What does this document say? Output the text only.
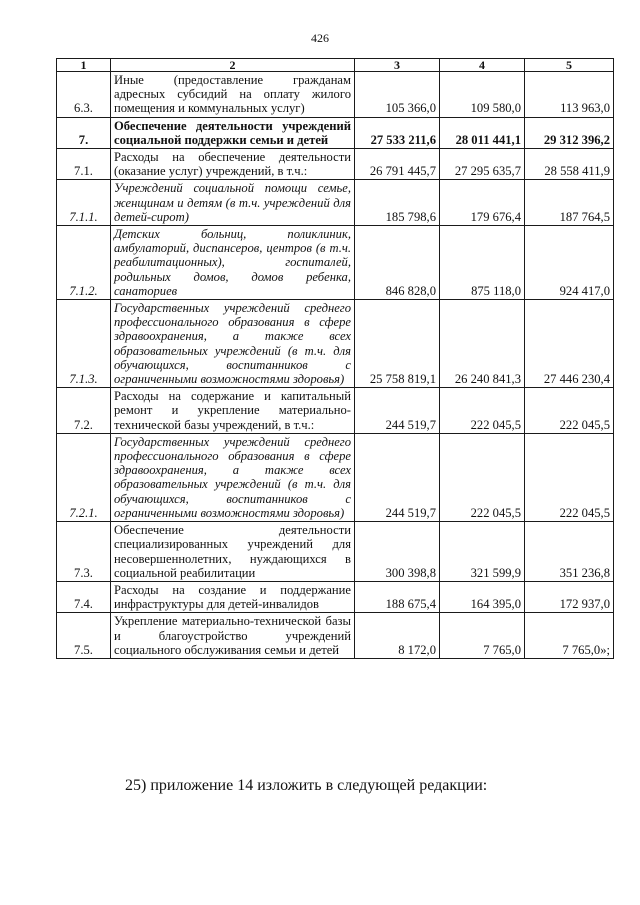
426
1	2	3	4	5
6.3.	Иные (предоставление гражданам адресных субсидий на оплату жилого помещения и коммунальных услуг)	105 366,0	109 580,0	113 963,0
7.	Обеспечение деятельности учреждений социальной поддержки семьи и детей	27 533 211,6	28 011 441,1	29 312 396,2
7.1.	Расходы на обеспечение деятельности (оказание услуг) учреждений, в т.ч.:	26 791 445,7	27 295 635,7	28 558 411,9
7.1.1.	Учреждений социальной помощи семье, женщинам и детям (в т.ч. учреждений для детей-сирот)	185 798,6	179 676,4	187 764,5
7.1.2.	Детских больниц, поликлиник, амбулаторий, диспансеров, центров (в т.ч. реабилитационных), госпиталей, родильных домов, домов ребенка, санаториев	846 828,0	875 118,0	924 417,0
7.1.3.	Государственных учреждений среднего профессионального образования в сфере здравоохранения, а также всех образовательных учреждений (в т.ч. для обучающихся, воспитанников с ограниченными возможностями здоровья)	25 758 819,1	26 240 841,3	27 446 230,4
7.2.	Расходы на содержание и капитальный ремонт и укрепление материально-технической базы учреждений, в т.ч.:	244 519,7	222 045,5	222 045,5
7.2.1.	Государственных учреждений среднего профессионального образования в сфере здравоохранения, а также всех образовательных учреждений (в т.ч. для обучающихся, воспитанников с ограниченными возможностями здоровья)	244 519,7	222 045,5	222 045,5
7.3.	Обеспечение деятельности специализированных учреждений для несовершеннолетних, нуждающихся в социальной реабилитации	300 398,8	321 599,9	351 236,8
7.4.	Расходы на создание и поддержание инфраструктуры для детей-инвалидов	188 675,4	164 395,0	172 937,0
7.5.	Укрепление материально-технической базы и благоустройство учреждений социального обслуживания семьи и детей	8 172,0	7 765,0	7 765,0»;
25) приложение 14 изложить в следующей редакции:
